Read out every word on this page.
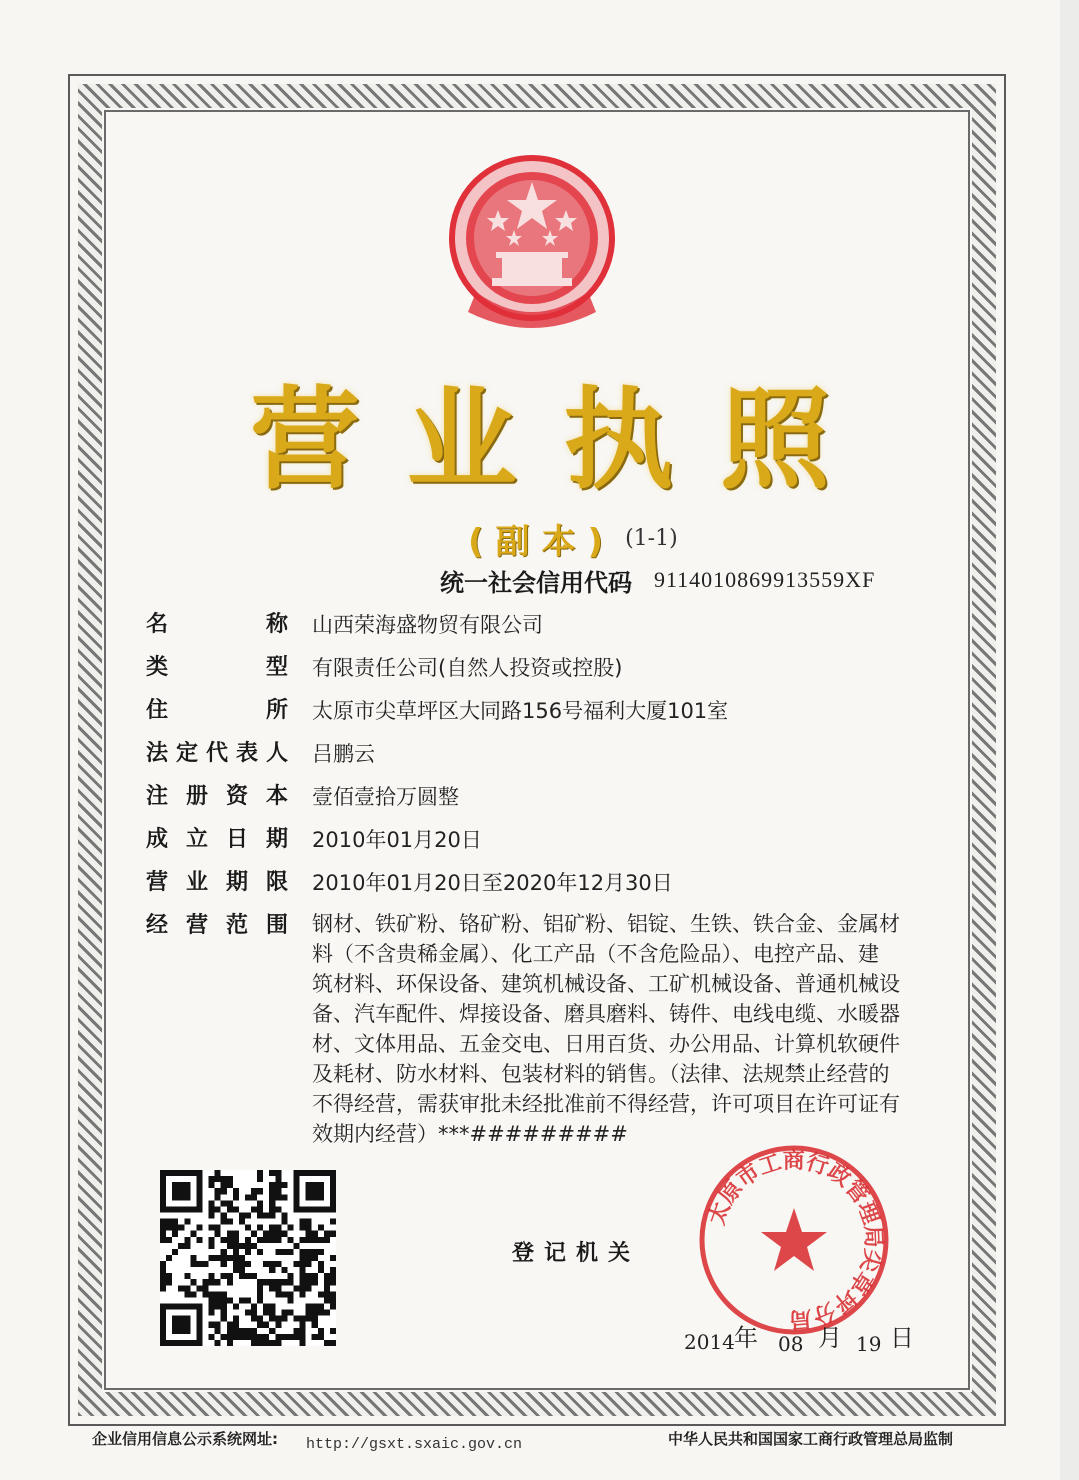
营 业 执 照
(副本) (1-1)
统一社会信用代码 9114010869913559XF
名	称 山西荣海盛物贸有限公司
类	型 有限责任公司(自然人投资或控股)
住	所 太原市尖草坪区大同路156号福利大厦101室
法 定 代 表 人 吕鹏云
注 册 资 本 壹佰壹拾万圆整
成 立 日 期 2010年01月20日
营 业 期 限 2010年01月20日至2020年12月30日
经 营 范 围 钢材、铁矿粉、铬矿粉、铝矿粉、铝锭、生铁、铁合金、金属材
料（不含贵稀金属）、化工产品（不含危险品）、电控产品、建
筑材料、环保设备、建筑机械设备、工矿机械设备、普通机械设
备、汽车配件、焊接设备、磨具磨料、铸件、电线电缆、水暖器
材、文体用品、五金交电、日用百货、办公用品、计算机软硬件
及耗材、防水材料、包装材料的销售。（法律、法规禁止经营的
不得经营，需获审批未经批准前不得经营，许可项目在许可证有
效期内经营）***#########
登记机关
太原市工商行政管理局尖草坪分局
2014 年 08 月 19 日
企业信用信息公示系统网址: http://gsxt.sxaic.gov.cn	中华人民共和国国家工商行政管理总局监制
